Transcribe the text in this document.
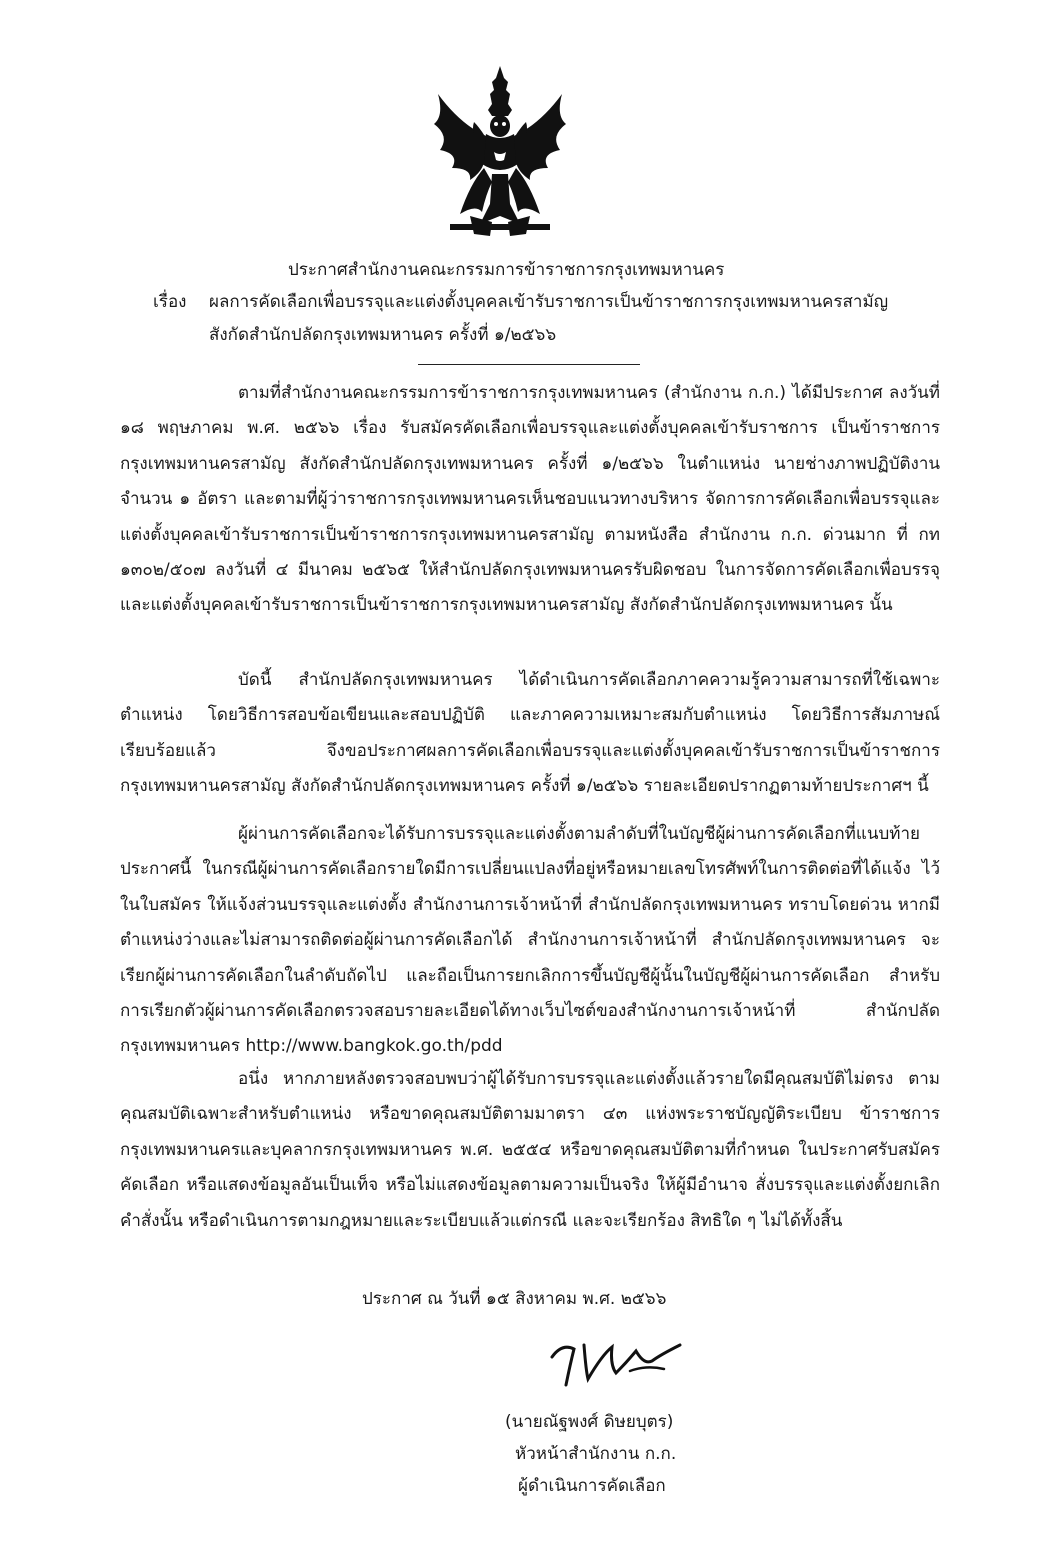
ประกาศสำนักงานคณะกรรมการข้าราชการกรุงเทพมหานคร
เรื่อง ผลการคัดเลือกเพื่อบรรจุและแต่งตั้งบุคคลเข้ารับราชการเป็นข้าราชการกรุงเทพมหานครสามัญ
สังกัดสำนักปลัดกรุงเทพมหานคร ครั้งที่ ๑/๒๕๖๖
ตามที่สำนักงานคณะกรรมการข้าราชการกรุงเทพมหานคร (สำนักงาน ก.ก.) ได้มีประกาศ ลงวันที่ ๑๘ พฤษภาคม พ.ศ. ๒๕๖๖ เรื่อง รับสมัครคัดเลือกเพื่อบรรจุและแต่งตั้งบุคคลเข้ารับราชการ เป็นข้าราชการกรุงเทพมหานครสามัญ สังกัดสำนักปลัดกรุงเทพมหานคร ครั้งที่ ๑/๒๕๖๖ ในตำแหน่ง นายช่างภาพปฏิบัติงาน จำนวน ๑ อัตรา และตามที่ผู้ว่าราชการกรุงเทพมหานครเห็นชอบแนวทางบริหาร จัดการการคัดเลือกเพื่อบรรจุและแต่งตั้งบุคคลเข้ารับราชการเป็นข้าราชการกรุงเทพมหานครสามัญ ตามหนังสือ สำนักงาน ก.ก. ด่วนมาก ที่ กท ๑๓๐๒/๕๐๗ ลงวันที่ ๔ มีนาคม ๒๕๖๕ ให้สำนักปลัดกรุงเทพมหานครรับผิดชอบ ในการจัดการคัดเลือกเพื่อบรรจุและแต่งตั้งบุคคลเข้ารับราชการเป็นข้าราชการกรุงเทพมหานครสามัญ สังกัดสำนักปลัดกรุงเทพมหานคร นั้น
บัดนี้ สำนักปลัดกรุงเทพมหานคร ได้ดำเนินการคัดเลือกภาคความรู้ความสามารถที่ใช้เฉพาะตำแหน่ง โดยวิธีการสอบข้อเขียนและสอบปฏิบัติ และภาคความเหมาะสมกับตำแหน่ง โดยวิธีการสัมภาษณ์ เรียบร้อยแล้ว จึงขอประกาศผลการคัดเลือกเพื่อบรรจุและแต่งตั้งบุคคลเข้ารับราชการเป็นข้าราชการกรุงเทพมหานครสามัญ สังกัดสำนักปลัดกรุงเทพมหานคร ครั้งที่ ๑/๒๕๖๖ รายละเอียดปรากฏตามท้ายประกาศฯ นี้
ผู้ผ่านการคัดเลือกจะได้รับการบรรจุและแต่งตั้งตามลำดับที่ในบัญชีผู้ผ่านการคัดเลือกที่แนบท้าย ประกาศนี้ ในกรณีผู้ผ่านการคัดเลือกรายใดมีการเปลี่ยนแปลงที่อยู่หรือหมายเลขโทรศัพท์ในการติดต่อที่ได้แจ้ง ไว้ในใบสมัคร ให้แจ้งส่วนบรรจุและแต่งตั้ง สำนักงานการเจ้าหน้าที่ สำนักปลัดกรุงเทพมหานคร ทราบโดยด่วน หากมีตำแหน่งว่างและไม่สามารถติดต่อผู้ผ่านการคัดเลือกได้ สำนักงานการเจ้าหน้าที่ สำนักปลัดกรุงเทพมหานคร จะเรียกผู้ผ่านการคัดเลือกในลำดับถัดไป และถือเป็นการยกเลิกการขึ้นบัญชีผู้นั้นในบัญชีผู้ผ่านการคัดเลือก สำหรับการเรียกตัวผู้ผ่านการคัดเลือกตรวจสอบรายละเอียดได้ทางเว็บไซต์ของสำนักงานการเจ้าหน้าที่ สำนักปลัดกรุงเทพมหานคร http://www.bangkok.go.th/pdd
อนึ่ง หากภายหลังตรวจสอบพบว่าผู้ได้รับการบรรจุและแต่งตั้งแล้วรายใดมีคุณสมบัติไม่ตรง ตามคุณสมบัติเฉพาะสำหรับตำแหน่ง หรือขาดคุณสมบัติตามมาตรา ๔๓ แห่งพระราชบัญญัติระเบียบ ข้าราชการกรุงเทพมหานครและบุคลากรกรุงเทพมหานคร พ.ศ. ๒๕๕๔ หรือขาดคุณสมบัติตามที่กำหนด ในประกาศรับสมัครคัดเลือก หรือแสดงข้อมูลอันเป็นเท็จ หรือไม่แสดงข้อมูลตามความเป็นจริง ให้ผู้มีอำนาจ สั่งบรรจุและแต่งตั้งยกเลิกคำสั่งนั้น หรือดำเนินการตามกฎหมายและระเบียบแล้วแต่กรณี และจะเรียกร้อง สิทธิใด ๆ ไม่ได้ทั้งสิ้น
ประกาศ ณ วันที่ ๑๕ สิงหาคม พ.ศ. ๒๕๖๖
(นายณัฐพงศ์ ดิษยบุตร)
หัวหน้าสำนักงาน ก.ก.
ผู้ดำเนินการคัดเลือก
